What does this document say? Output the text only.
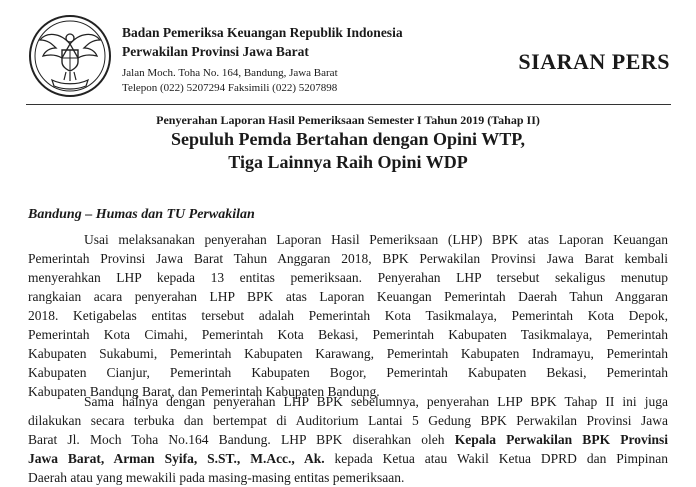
Badan Pemeriksa Keuangan Republik Indonesia
Perwakilan Provinsi Jawa Barat
Jalan Moch. Toha No. 164, Bandung, Jawa Barat
Telepon (022) 5207294 Faksimili (022) 5207898
SIARAN PERS
Penyerahan Laporan Hasil Pemeriksaan Semester I Tahun 2019 (Tahap II)
Sepuluh Pemda Bertahan dengan Opini WTP,
Tiga Lainnya Raih Opini WDP
Bandung – Humas dan TU Perwakilan
Usai melaksanakan penyerahan Laporan Hasil Pemeriksaan (LHP) BPK atas Laporan Keuangan
Pemerintah Provinsi Jawa Barat Tahun Anggaran 2018, BPK Perwakilan Provinsi Jawa Barat kembali
menyerahkan LHP kepada 13 entitas pemeriksaan. Penyerahan LHP tersebut sekaligus menutup
rangkaian acara penyerahan LHP BPK atas Laporan Keuangan Pemerintah Daerah Tahun Anggaran
2018. Ketigabelas entitas tersebut adalah Pemerintah Kota Tasikmalaya, Pemerintah Kota Depok,
Pemerintah Kota Cimahi, Pemerintah Kota Bekasi, Pemerintah Kabupaten Tasikmalaya, Pemerintah
Kabupaten Sukabumi, Pemerintah Kabupaten Karawang, Pemerintah Kabupaten Indramayu, Pemerintah
Kabupaten Cianjur, Pemerintah Kabupaten Bogor, Pemerintah Kabupaten Bekasi, Pemerintah
Kabupaten Bandung Barat, dan Pemerintah Kabupaten Bandung.
Sama halnya dengan penyerahan LHP BPK sebelumnya, penyerahan LHP BPK Tahap II ini juga
dilakukan secara terbuka dan bertempat di Auditorium Lantai 5 Gedung BPK Perwakilan Provinsi Jawa
Barat Jl. Moch Toha No.164 Bandung. LHP BPK diserahkan oleh Kepala Perwakilan BPK Provinsi
Jawa Barat, Arman Syifa, S.ST., M.Acc., Ak. kepada Ketua atau Wakil Ketua DPRD dan Pimpinan
Daerah atau yang mewakili pada masing-masing entitas pemeriksaan.
